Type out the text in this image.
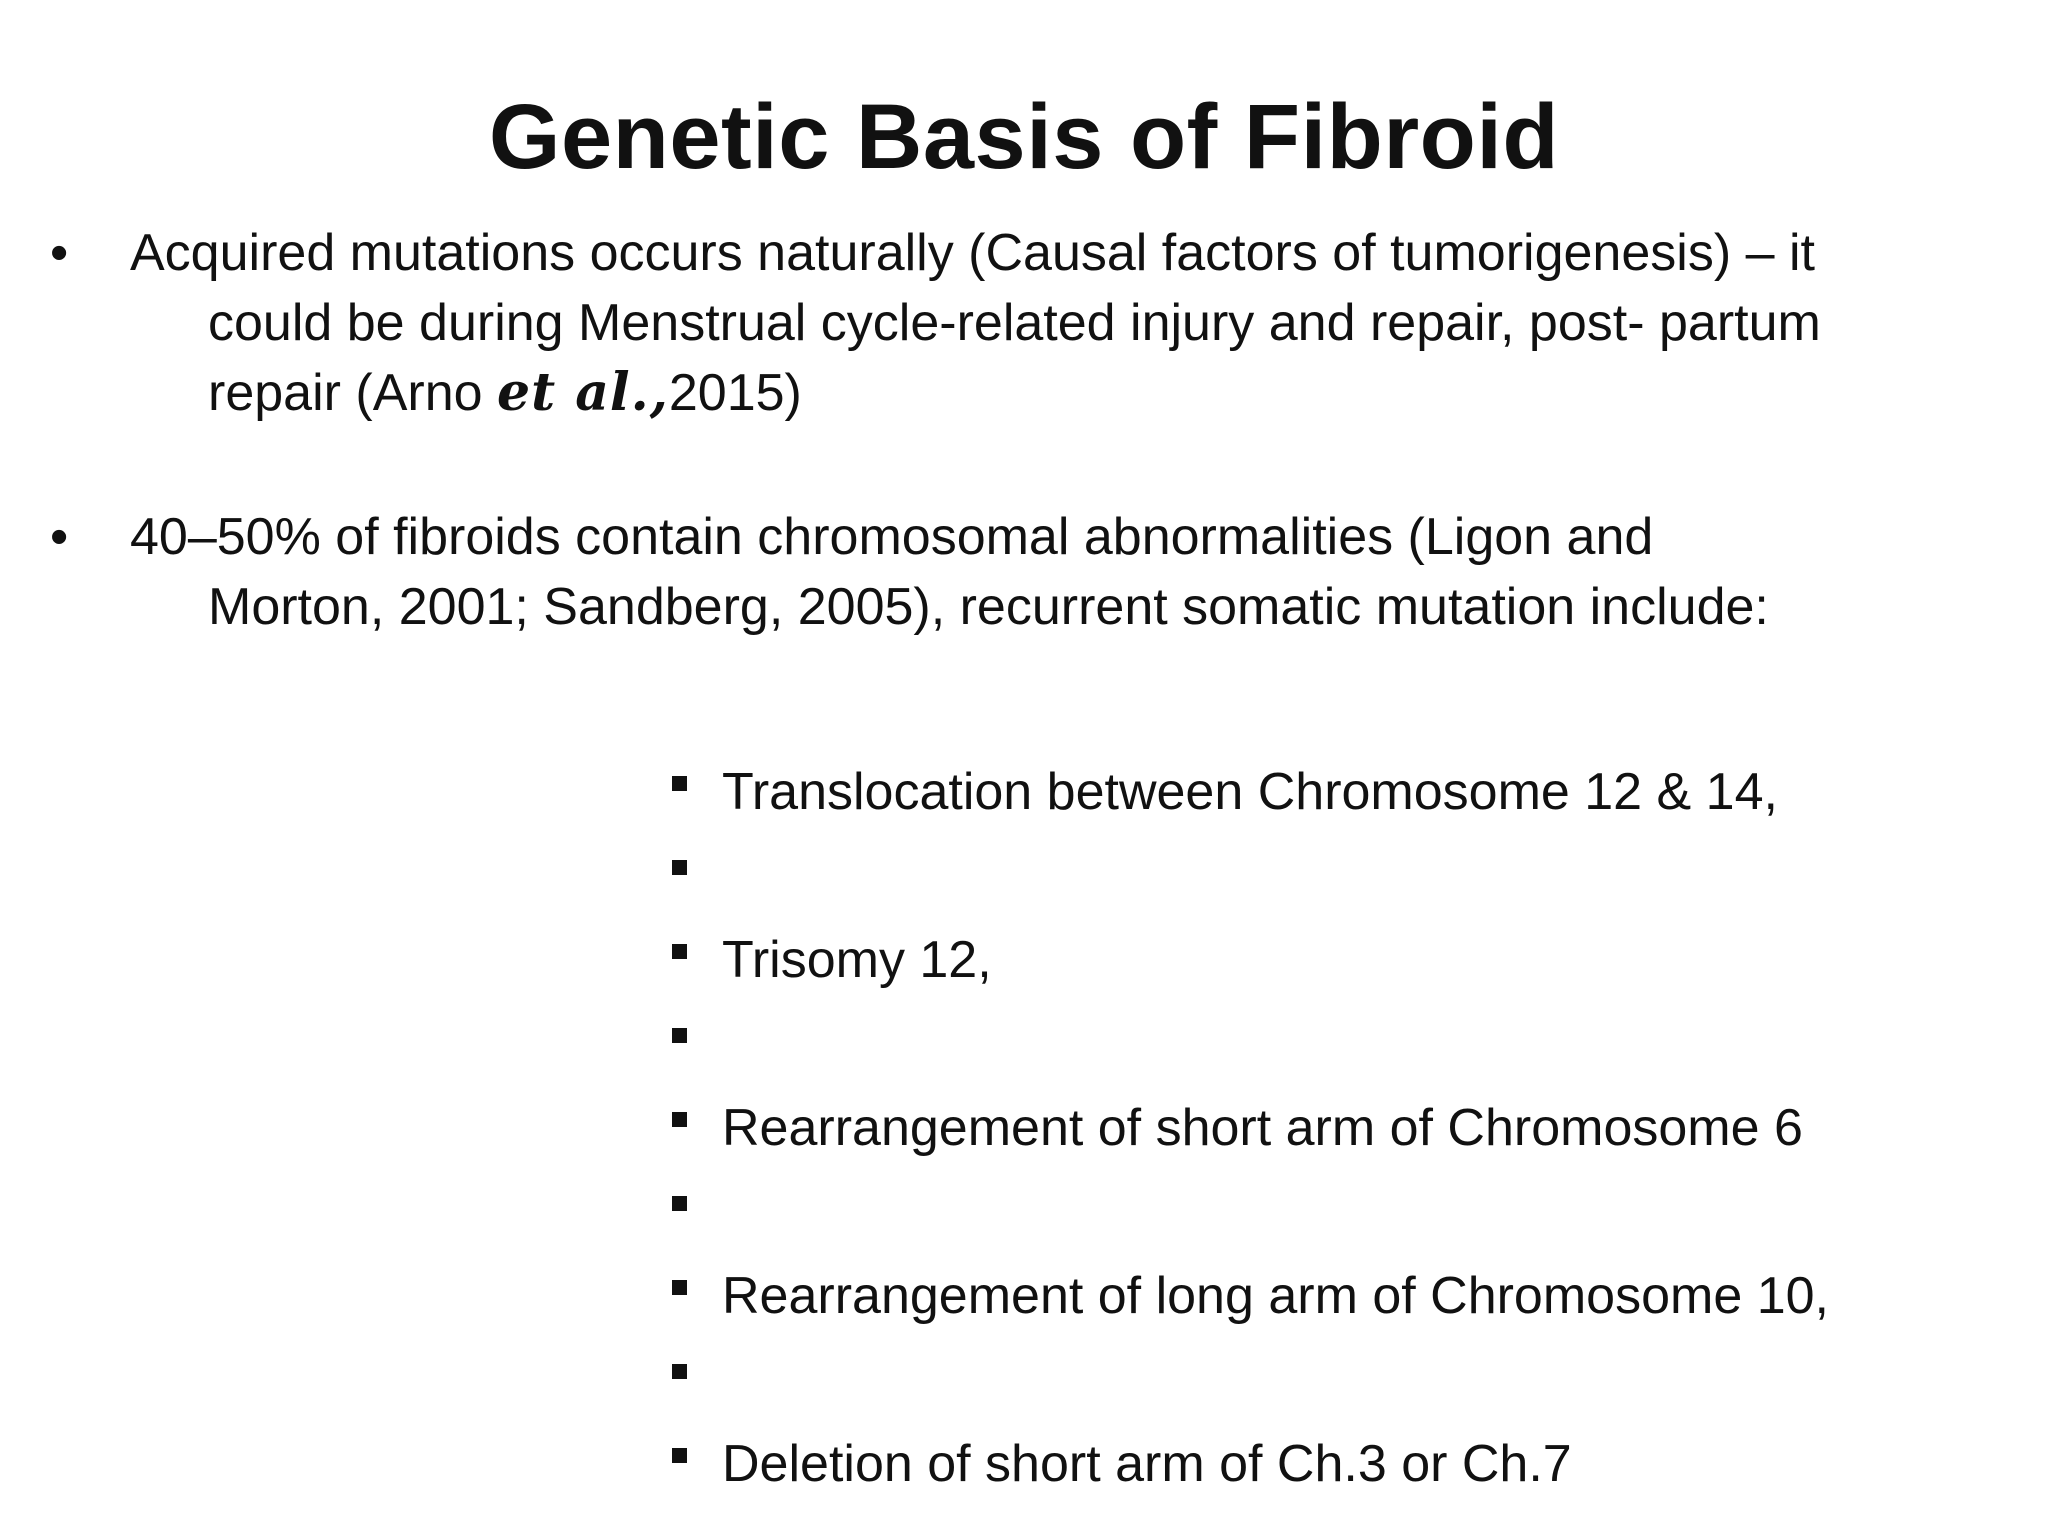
Genetic Basis of Fibroid
• Acquired mutations occurs naturally (Causal factors of tumorigenesis) – it
could be during Menstrual cycle-related injury and repair, post- partum
repair (Arno et al.,2015)
• 40–50% of fibroids contain chromosomal abnormalities (Ligon and
Morton, 2001; Sandberg, 2005), recurrent somatic mutation include:
Translocation between Chromosome 12 & 14,
Trisomy 12,
Rearrangement of short arm of Chromosome 6
Rearrangement of long arm of Chromosome 10,
Deletion of short arm of Ch.3 or Ch.7
